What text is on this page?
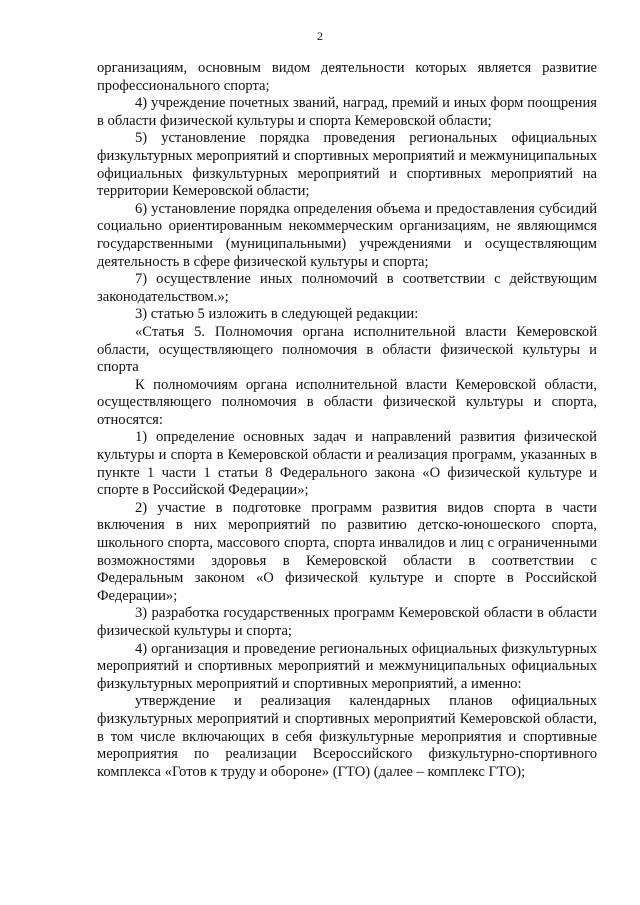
2

организациям, основным видом деятельности которых является развитие профессионального спорта;

4) учреждение почетных званий, наград, премий и иных форм поощрения в области физической культуры и спорта Кемеровской области;

5) установление порядка проведения региональных официальных физкультурных мероприятий и спортивных мероприятий и межмуниципальных официальных физкультурных мероприятий и спортивных мероприятий на территории Кемеровской области;

6) установление порядка определения объема и предоставления субсидий социально ориентированным некоммерческим организациям, не являющимся государственными (муниципальными) учреждениями и осуществляющим деятельность в сфере физической культуры и спорта;

7) осуществление иных полномочий в соответствии с действующим законодательством.»;

3) статью 5 изложить в следующей редакции:

«Статья 5. Полномочия органа исполнительной власти Кемеровской области, осуществляющего полномочия в области физической культуры и спорта

К полномочиям органа исполнительной власти Кемеровской области, осуществляющего полномочия в области физической культуры и спорта, относятся:

1) определение основных задач и направлений развития физической культуры и спорта в Кемеровской области и реализация программ, указанных в пункте 1 части 1 статьи 8 Федерального закона «О физической культуре и спорте в Российской Федерации»;

2) участие в подготовке программ развития видов спорта в части включения в них мероприятий по развитию детско-юношеского спорта, школьного спорта, массового спорта, спорта инвалидов и лиц с ограниченными возможностями здоровья в Кемеровской области в соответствии с Федеральным законом «О физической культуре и спорте в Российской Федерации»;

3) разработка государственных программ Кемеровской области в области физической культуры и спорта;

4) организация и проведение региональных официальных физкультурных мероприятий и спортивных мероприятий и межмуниципальных официальных физкультурных мероприятий и спортивных мероприятий, а именно:

утверждение и реализация календарных планов официальных физкультурных мероприятий и спортивных мероприятий Кемеровской области, в том числе включающих в себя физкультурные мероприятия и спортивные мероприятия по реализации Всероссийского физкультурно-спортивного комплекса «Готов к труду и обороне» (ГТО) (далее – комплекс ГТО);
